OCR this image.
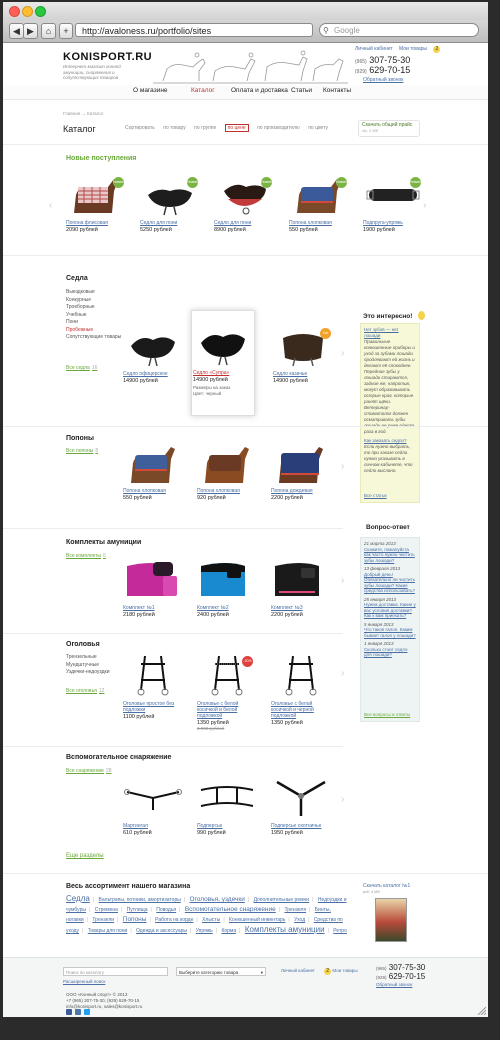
◀ ▶	⌂	+	http://avaloness.ru/portfolio/sites	⚲ Google
KONISPORT.RU
Интернет-магазин конной амуниции, снаряжения и сопутствующих товаров
Личный кабинет Мои товары 2
(965) 307-75-30
(929) 629-70-15
Обратный звонок
О магазине	Каталог	Оплата и доставка Статьи Контакты
Главная → Каталог
Каталог	Сортировать по товару по группе по цене по производителю по цвету	Скачать общий прайс
xls, 2 Мб
Новые поступления
‹	›
Новинка
Попона флисовая
2090 рублей
Новинка
Седло для пони
5250 рублей
Новинка
Седло для пони
8900 рублей
Новинка
Попона хлопковая
550 рублей
Новинка
Подпруга-упряжь
1900 рублей
Седла
Выездковые
Конкурные
Троеборные
Учебные
Пони
Пробежные
Сопутствующие товары
Все седла 16
Седло офицерское
14900 рублей
Седло «Супра»
14900 рублей
Размеры на заказ
Цвет: черный
Хит
Седло казачье
14900 рублей
›
Это интересно!
Нет зубов — нет лошади
Правильные конюшенные приборы и уход за зубами лошади продлевают ей жизнь и делают её спокойнее. Передние зубы у лошади стираются, задние же, напротив, могут образовывать острые края, которые ранят щёки. Ветеринар-стоматолог должен осматривать зубы раза в год.
Как заказать седло?
Если нужно выбрать, то при заказе седла нужно указывать в личном кабинете, что седло выслано.
Все статьи
Попоны
Все попоны 8
Попона хлопковая
550 рублей
Попона хлопковая
920 рублей
Попона дождевая
2200 рублей
›
Вопрос-ответ
21 марта 2013
Скажите, пожалуйста как часто нужно чистить зубы лошади?
13 февраля 2013
Добрый день! Обязательно ли чистить зубы лошади? Какие средства использовать?
25 января 2013
Нужна доставка. Какие у вас условия доставки? Как к вам приехать?
5 января 2013
Что такое галоп. Каким бывает галоп у лошади?
1 января 2013
Сколько стоит седло для лошади?
Все вопросы и ответы
Комплекты амуниции
Все комплекты 6
Комплект №1
2180 рублей
Комплект №2
2400 рублей
Комплект №3
2200 рублей
›
Оголовья
Трензельные
Мундштучные
Уздечки-недоуздки
Все оголовья 12
Оголовье простое без подложки
1100 рублей
-20%
Оголовье с белой косичкой и белой подложкой
1350 рублей
3 000 рублей
Оголовье с белой косичкой и черной подложкой
1350 рублей
›
Вспомогательное снаряжение
Все снаряжение 28
Мартингал
610 рублей
Подперсье
990 рублей
Подперсье охотничье
1950 рублей
›
Еще разделы
Весь ассортимент нашего магазина
Седла | Вальтрапы, потники, амортизаторы | Оголовья, уздечки | Дополнительные ремни | Недоуздки и чумбуры | Стремена | Путлища | Поводья | Вспомогательное снаряжение | Трензеля | Бинты, ногавки | Трензели | Попоны | Работа на корде | Хлысты | Конюшенный инвентарь | Уход | Средства по уходу | Товары для пони | Одежда и аксессуары | Упряжь | Корма | Комплекты амуниции | Ретро
Скачать каталог №1
pdf, 4 Мб
Поиск по каталогу	Выберите категорию товара	▾
Расширенный поиск
Личный кабинет 2 Мои товары	(965) 307-75-30
(929) 629-70-15
Обратный звонок
ООО «Конный спорт» © 2013
+7 (965) 307-75-30, (929) 629-70-15
info@konisport.ru, sales@konisport.ru
